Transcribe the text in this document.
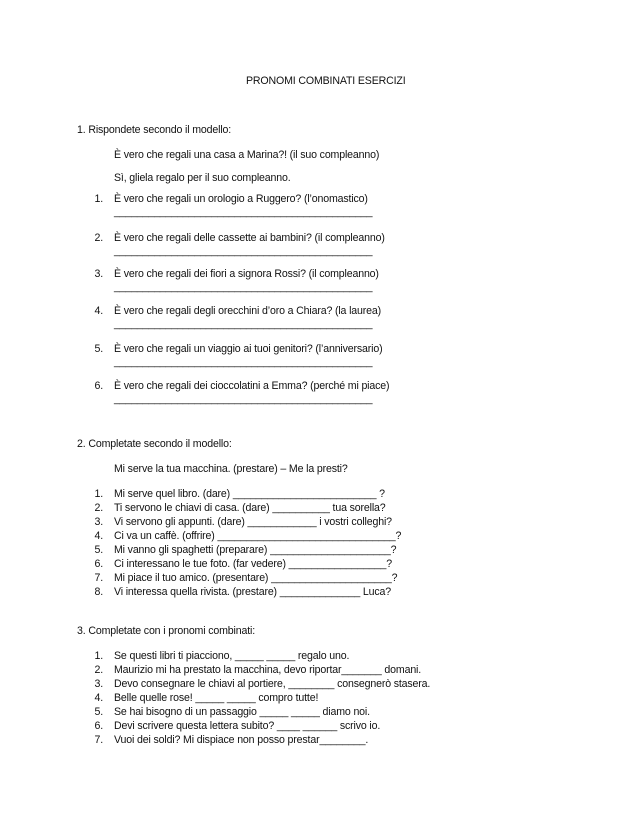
PRONOMI COMBINATI ESERCIZI
1. Rispondete secondo il modello:
È vero che regali una casa a Marina?! (il suo compleanno)
Sì, gliela regalo per il suo compleanno.
1. È vero che regali un orologio a Ruggero? (l’onomastico)
_____________________________________________
2. È vero che regali delle cassette ai bambini? (il compleanno)
_____________________________________________
3. È vero che regali dei fiori a signora Rossi? (il compleanno)
_____________________________________________
4. È vero che regali degli orecchini d’oro a Chiara? (la laurea)
_____________________________________________
5. È vero che regali un viaggio ai tuoi genitori? (l’anniversario)
_____________________________________________
6. È vero che regali dei cioccolatini a Emma? (perché mi piace)
_____________________________________________
2. Completate secondo il modello:
Mi serve la tua macchina. (prestare) – Me la presti?
1. Mi serve quel libro. (dare) _________________________ ?
2. Ti servono le chiavi di casa. (dare) __________ tua sorella?
3. Vi servono gli appunti. (dare) ____________ i vostri colleghi?
4. Ci va un caffè. (offrire) _______________________________?
5. Mi vanno gli spaghetti (preparare) _____________________?
6. Ci interessano le tue foto. (far vedere) _________________?
7. Mi piace il tuo amico. (presentare) _____________________?
8. Vi interessa quella rivista. (prestare) ______________ Luca?
3. Completate con i pronomi combinati:
1. Se questi libri ti piacciono, _____ _____ regalo uno.
2. Maurizio mi ha prestato la macchina, devo riportar_______ domani.
3. Devo consegnare le chiavi al portiere, ________ consegnerò stasera.
4. Belle quelle rose! _____ _____ compro tutte!
5. Se hai bisogno di un passaggio _____ _____ diamo noi.
6. Devi scrivere questa lettera subito? ____ ______ scrivo io.
7. Vuoi dei soldi? Mi dispiace non posso prestar________.
